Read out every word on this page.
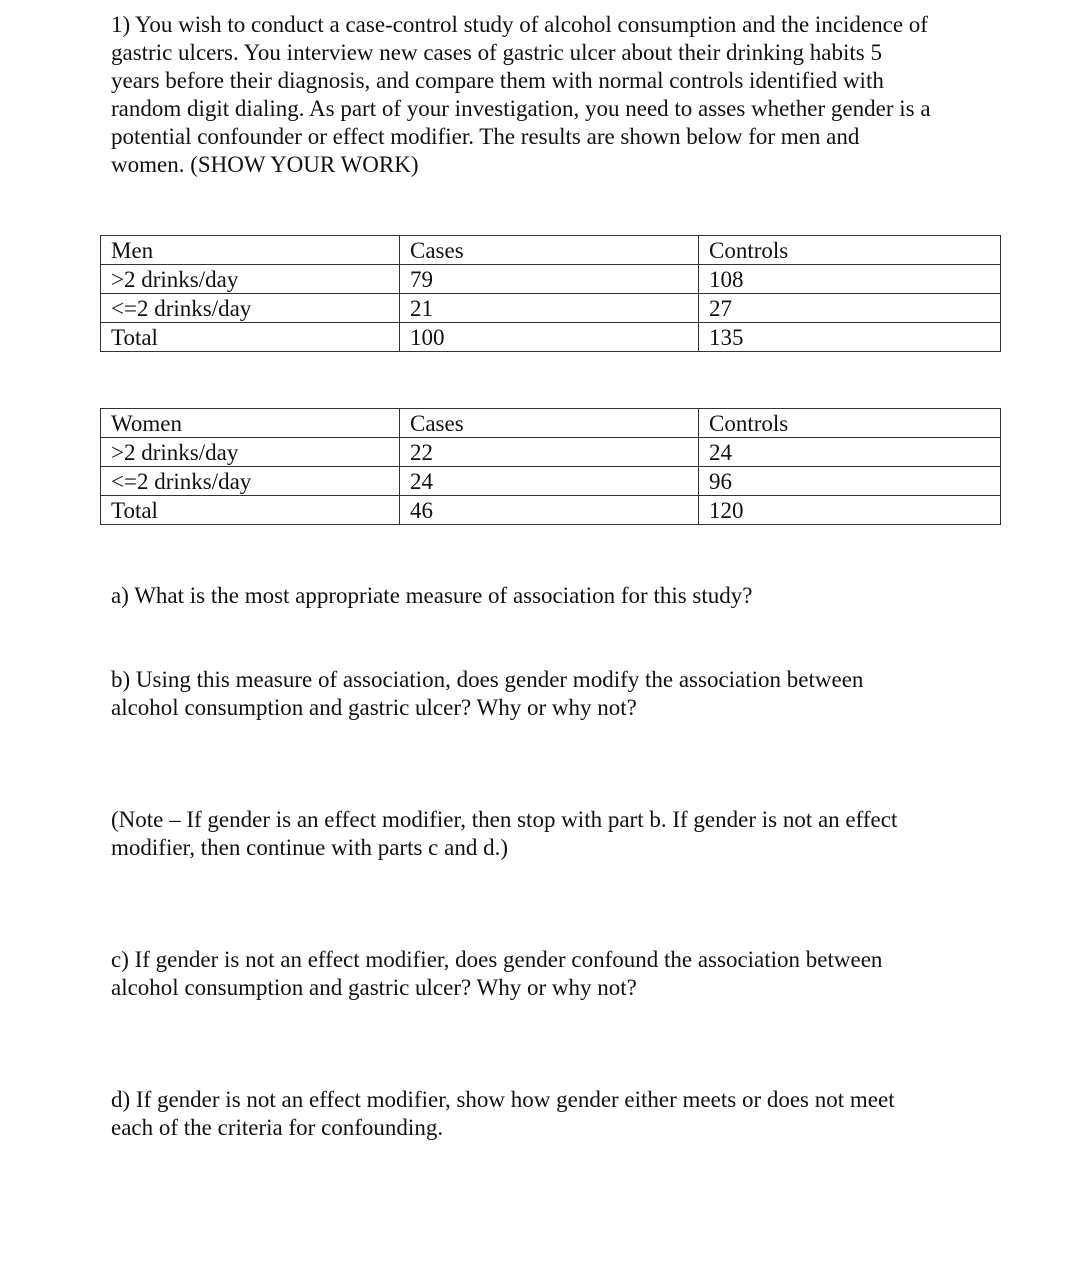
1) You wish to conduct a case-control study of alcohol consumption and the incidence of
gastric ulcers. You interview new cases of gastric ulcer about their drinking habits 5
years before their diagnosis, and compare them with normal controls identified with
random digit dialing. As part of your investigation, you need to asses whether gender is a
potential confounder or effect modifier. The results are shown below for men and
women. (SHOW YOUR WORK)
Men	Cases	Controls
>2 drinks/day	79	108
<=2 drinks/day	21	27
Total	100	135
Women	Cases	Controls
>2 drinks/day	22	24
<=2 drinks/day	24	96
Total	46	120
a) What is the most appropriate measure of association for this study?
b) Using this measure of association, does gender modify the association between
alcohol consumption and gastric ulcer? Why or why not?
(Note – If gender is an effect modifier, then stop with part b. If gender is not an effect
modifier, then continue with parts c and d.)
c) If gender is not an effect modifier, does gender confound the association between
alcohol consumption and gastric ulcer? Why or why not?
d) If gender is not an effect modifier, show how gender either meets or does not meet
each of the criteria for confounding.
